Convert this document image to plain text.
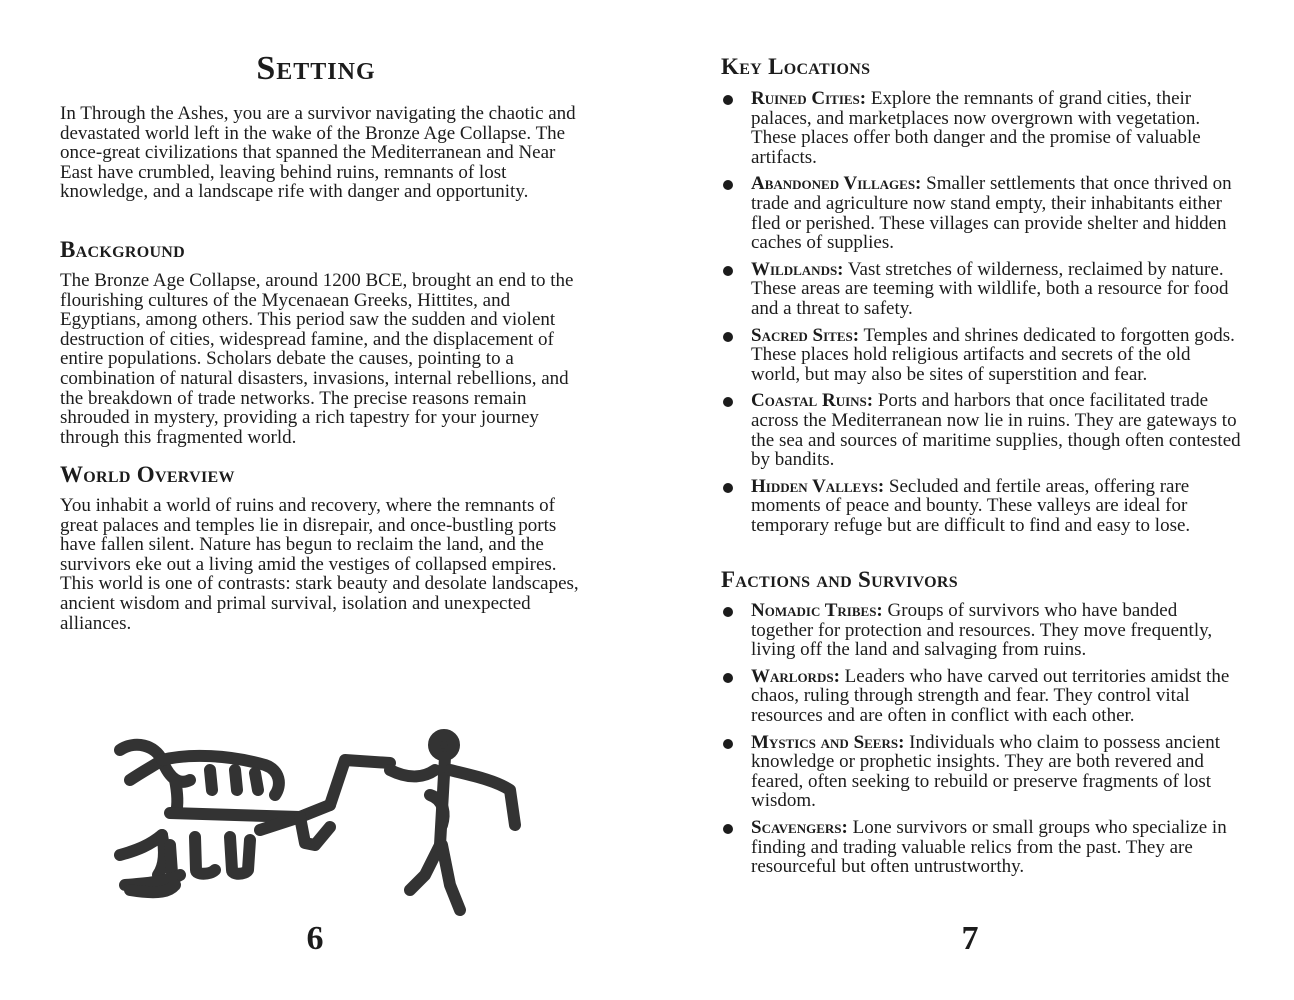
Setting

In Through the Ashes, you are a survivor navigating the chaotic and devastated world left in the wake of the Bronze Age Collapse. The once-great civilizations that spanned the Mediterranean and Near East have crumbled, leaving behind ruins, remnants of lost knowledge, and a landscape rife with danger and opportunity.

Background

The Bronze Age Collapse, around 1200 BCE, brought an end to the flourishing cultures of the Mycenaean Greeks, Hittites, and Egyptians, among others. This period saw the sudden and violent destruction of cities, widespread famine, and the displacement of entire populations. Scholars debate the causes, pointing to a combination of natural disasters, invasions, internal rebellions, and the breakdown of trade networks. The precise reasons remain shrouded in mystery, providing a rich tapestry for your journey through this fragmented world.

World Overview

You inhabit a world of ruins and recovery, where the remnants of great palaces and temples lie in disrepair, and once-bustling ports have fallen silent. Nature has begun to reclaim the land, and the survivors eke out a living amid the vestiges of collapsed empires. This world is one of contrasts: stark beauty and desolate landscapes, ancient wisdom and primal survival, isolation and unexpected alliances.

6
Key Locations
Ruined Cities: Explore the remnants of grand cities, their palaces, and marketplaces now overgrown with vegetation. These places offer both danger and the promise of valuable artifacts.
Abandoned Villages: Smaller settlements that once thrived on trade and agriculture now stand empty, their inhabitants either fled or perished. These villages can provide shelter and hidden caches of supplies.
Wildlands: Vast stretches of wilderness, reclaimed by nature. These areas are teeming with wildlife, both a resource for food and a threat to safety.
Sacred Sites: Temples and shrines dedicated to forgotten gods. These places hold religious artifacts and secrets of the old world, but may also be sites of superstition and fear.
Coastal Ruins: Ports and harbors that once facilitated trade across the Mediterranean now lie in ruins. They are gateways to the sea and sources of maritime supplies, though often contested by bandits.
Hidden Valleys: Secluded and fertile areas, offering rare moments of peace and bounty. These valleys are ideal for temporary refuge but are difficult to find and easy to lose.
Factions and Survivors
Nomadic Tribes: Groups of survivors who have banded together for protection and resources. They move frequently, living off the land and salvaging from ruins.
Warlords: Leaders who have carved out territories amidst the chaos, ruling through strength and fear. They control vital resources and are often in conflict with each other.
Mystics and Seers: Individuals who claim to possess ancient knowledge or prophetic insights. They are both revered and feared, often seeking to rebuild or preserve fragments of lost wisdom.
Scavengers: Lone survivors or small groups who specialize in finding and trading valuable relics from the past. They are resourceful but often untrustworthy.
7
